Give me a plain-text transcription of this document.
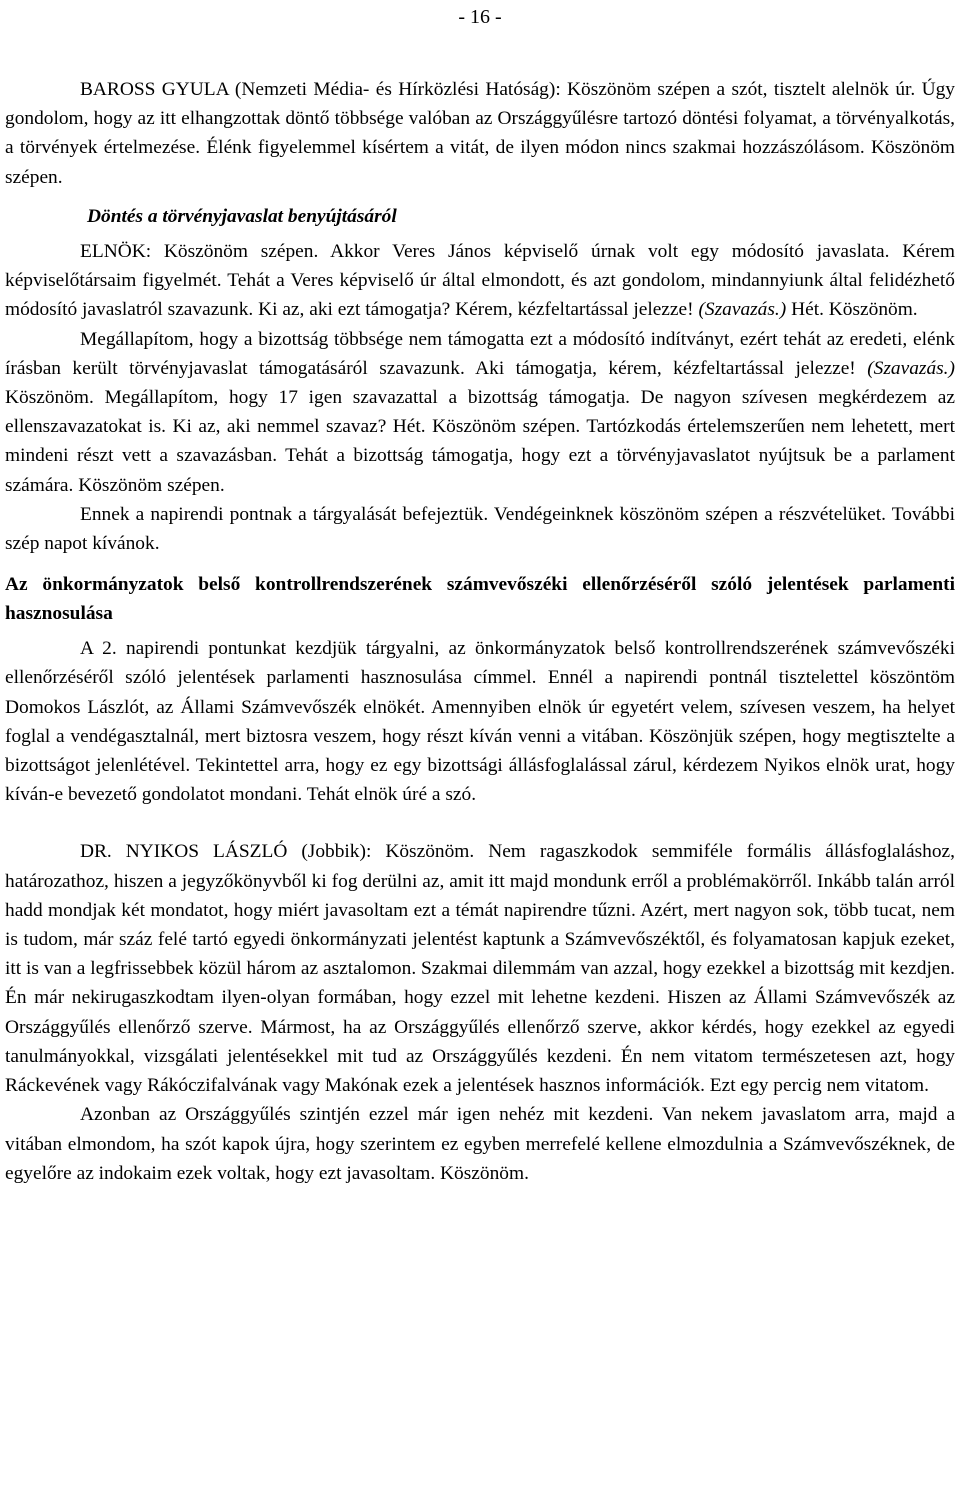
- 16 -

BAROSS GYULA (Nemzeti Média- és Hírközlési Hatóság): Köszönöm szépen a szót, tisztelt alelnök úr. Úgy gondolom, hogy az itt elhangzottak döntő többsége valóban az Országgyűlésre tartozó döntési folyamat, a törvényalkotás, a törvények értelmezése. Élénk figyelemmel kísértem a vitát, de ilyen módon nincs szakmai hozzászólásom. Köszönöm szépen.

Döntés a törvényjavaslat benyújtásáról

ELNÖK: Köszönöm szépen. Akkor Veres János képviselő úrnak volt egy módosító javaslata. Kérem képviselőtársaim figyelmét. Tehát a Veres képviselő úr által elmondott, és azt gondolom, mindannyiunk által felidézhető módosító javaslatról szavazunk. Ki az, aki ezt támogatja? Kérem, kézfeltartással jelezze! (Szavazás.) Hét. Köszönöm.

Megállapítom, hogy a bizottság többsége nem támogatta ezt a módosító indítványt, ezért tehát az eredeti, elénk írásban került törvényjavaslat támogatásáról szavazunk. Aki támogatja, kérem, kézfeltartással jelezze! (Szavazás.) Köszönöm. Megállapítom, hogy 17 igen szavazattal a bizottság támogatja. De nagyon szívesen megkérdezem az ellenszavazatokat is. Ki az, aki nemmel szavaz? Hét. Köszönöm szépen. Tartózkodás értelemszerűen nem lehetett, mert mindeni részt vett a szavazásban. Tehát a bizottság támogatja, hogy ezt a törvényjavaslatot nyújtsuk be a parlament számára. Köszönöm szépen.

Ennek a napirendi pontnak a tárgyalását befejeztük. Vendégeinknek köszönöm szépen a részvételüket. További szép napot kívánok.

Az önkormányzatok belső kontrollrendszerének számvevőszéki ellenőrzéséről szóló jelentések parlamenti hasznosulása

A 2. napirendi pontunkat kezdjük tárgyalni, az önkormányzatok belső kontrollrendszerének számvevőszéki ellenőrzéséről szóló jelentések parlamenti hasznosulása címmel. Ennél a napirendi pontnál tisztelettel köszöntöm Domokos Lászlót, az Állami Számvevőszék elnökét. Amennyiben elnök úr egyetért velem, szívesen veszem, ha helyet foglal a vendégasztalnál, mert biztosra veszem, hogy részt kíván venni a vitában. Köszönjük szépen, hogy megtisztelte a bizottságot jelenlétével. Tekintettel arra, hogy ez egy bizottsági állásfoglalással zárul, kérdezem Nyikos elnök urat, hogy kíván-e bevezető gondolatot mondani. Tehát elnök úré a szó.

DR. NYIKOS LÁSZLÓ (Jobbik): Köszönöm. Nem ragaszkodok semmiféle formális állásfoglaláshoz, határozathoz, hiszen a jegyzőkönyvből ki fog derülni az, amit itt majd mondunk erről a problémakörről. Inkább talán arról hadd mondjak két mondatot, hogy miért javasoltam ezt a témát napirendre tűzni. Azért, mert nagyon sok, több tucat, nem is tudom, már száz felé tartó egyedi önkormányzati jelentést kaptunk a Számvevőszéktől, és folyamatosan kapjuk ezeket, itt is van a legfrissebbek közül három az asztalomon. Szakmai dilemmám van azzal, hogy ezekkel a bizottság mit kezdjen. Én már nekirugaszkodtam ilyen-olyan formában, hogy ezzel mit lehetne kezdeni. Hiszen az Állami Számvevőszék az Országgyűlés ellenőrző szerve. Mármost, ha az Országgyűlés ellenőrző szerve, akkor kérdés, hogy ezekkel az egyedi tanulmányokkal, vizsgálati jelentésekkel mit tud az Országgyűlés kezdeni. Én nem vitatom természetesen azt, hogy Ráckevének vagy Rákóczifalvának vagy Makónak ezek a jelentések hasznos információk. Ezt egy percig nem vitatom.

Azonban az Országgyűlés szintjén ezzel már igen nehéz mit kezdeni. Van nekem javaslatom arra, majd a vitában elmondom, ha szót kapok újra, hogy szerintem ez egyben merrefelé kellene elmozdulnia a Számvevőszéknek, de egyelőre az indokaim ezek voltak, hogy ezt javasoltam. Köszönöm.
